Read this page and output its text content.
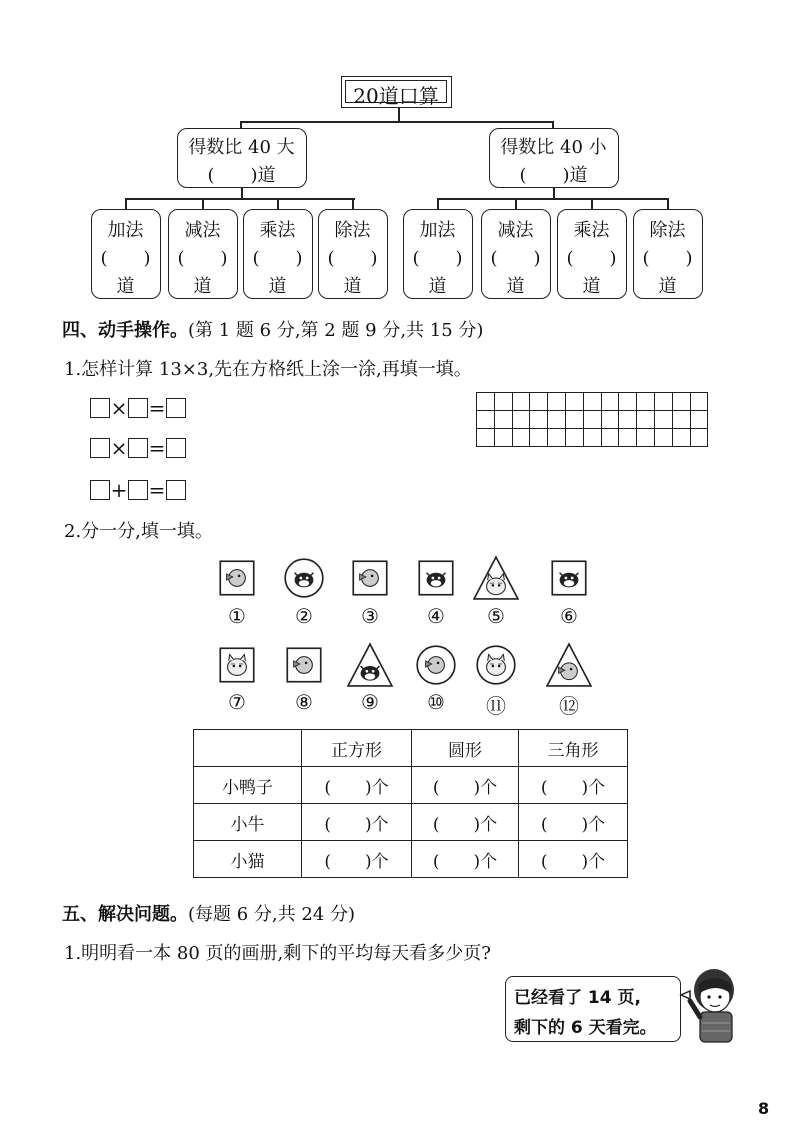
20道口算
得数比 40 大
(　　)道
得数比 40 小
(　　)道
加法
(　　)
道
减法
(　　)
道
乘法
(　　)
道
除法
(　　)
道
加法
(　　)
道
减法
(　　)
道
乘法
(　　)
道
除法
(　　)
道
四、动手操作。(第 1 题 6 分,第 2 题 9 分,共 15 分)
1.怎样计算 13×3,先在方格纸上涂一涂,再填一填。
× =
× =
+ =

2.分一分,填一填。
①	②	③	④	⑤	⑥
⑦	⑧	⑨	⑩	⑪	⑫
	正方形	圆形	三角形
小鸭子	(　　)个	(　　)个	(　　)个
小牛	(　　)个	(　　)个	(　　)个
小猫	(　　)个	(　　)个	(　　)个
五、解决问题。(每题 6 分,共 24 分)
1.明明看一本 80 页的画册,剩下的平均每天看多少页?
已经看了 14 页,
剩下的 6 天看完。
8
